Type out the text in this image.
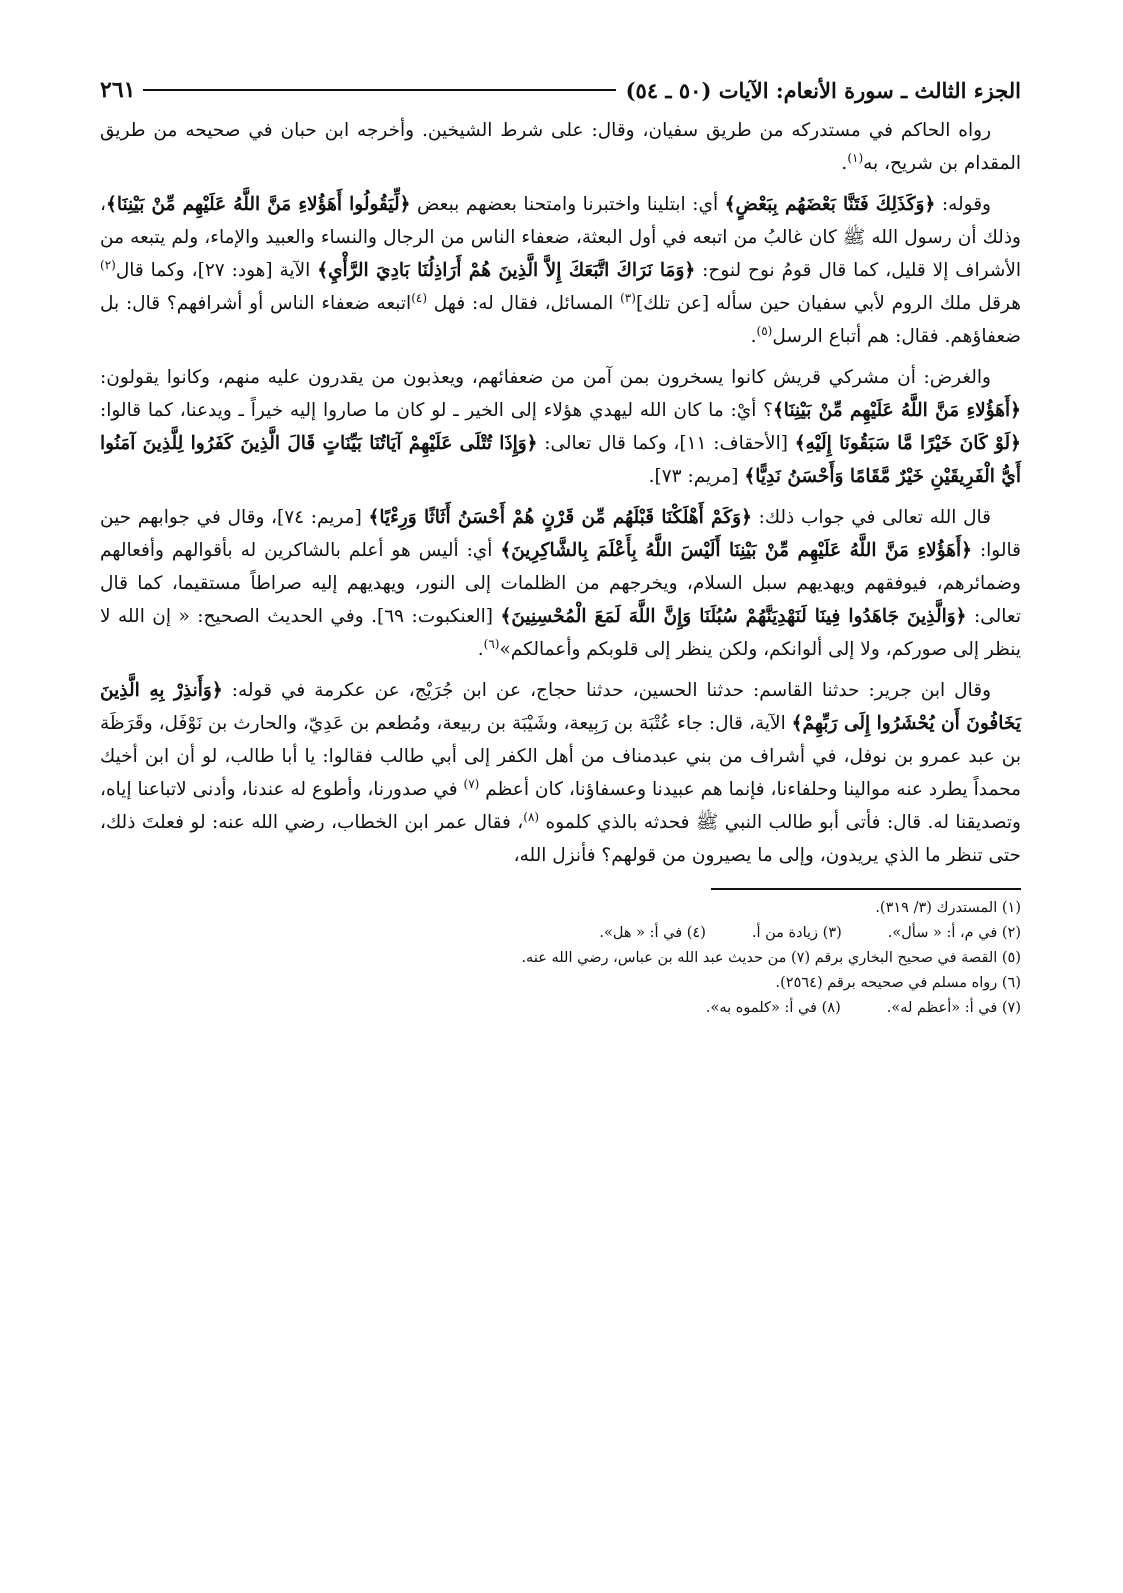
الجزء الثالث ـ سورة الأنعام: الآيات (٥٠ ـ ٥٤)
٢٦١

رواه الحاكم في مستدركه من طريق سفيان، وقال: على شرط الشيخين. وأخرجه ابن حبان في صحيحه من طريق المقدام بن شريح، به$^{(١)}$.

وقوله: ﴿وَكَذَلِكَ فَتَنَّا بَعْضَهُم بِبَعْضٍ﴾ أي: ابتلينا واختبرنا وامتحنا بعضهم ببعض ﴿لِّيَقُولُوا أَهَؤُلاءِ مَنَّ اللَّهُ عَلَيْهِم مِّنْ بَيْنِنَا﴾، وذلك أن رسول الله ﷺ كان غالبُ من اتبعه في أول البعثة، ضعفاء الناس من الرجال والنساء والعبيد والإماء، ولم يتبعه من الأشراف إلا قليل، كما قال قومُ نوح لنوح: ﴿وَمَا نَرَاكَ اتَّبَعَكَ إِلاَّ الَّذِينَ هُمْ أَرَاذِلُنَا بَادِيَ الرَّأْيِ﴾ الآية [هود: ٢٧]، وكما قال$^{(٢)}$ هرقل ملك الروم لأبي سفيان حين سأله [عن تلك]$^{(٣)}$ المسائل، فقال له: فهل $^{(٤)}$اتبعه ضعفاء الناس أو أشرافهم؟ قال: بل ضعفاؤهم. فقال: هم أتباع الرسل$^{(٥)}$.

والغرض: أن مشركي قريش كانوا يسخرون بمن آمن من ضعفائهم، ويعذبون من يقدرون عليه منهم، وكانوا يقولون: ﴿أَهَؤُلاءِ مَنَّ اللَّهُ عَلَيْهِم مِّنْ بَيْنِنَا﴾؟ أيْ: ما كان الله ليهدي هؤلاء إلى الخير ـ لو كان ما صاروا إليه خيراً ـ ويدعنا، كما قالوا: ﴿لَوْ كَانَ خَيْرًا مَّا سَبَقُونَا إِلَيْهِ﴾ [الأحقاف: ١١]، وكما قال تعالى: ﴿وَإِذَا تُتْلَى عَلَيْهِمْ آيَاتُنَا بَيِّنَاتٍ قَالَ الَّذِينَ كَفَرُوا لِلَّذِينَ آمَنُوا أَيُّ الْفَرِيقَيْنِ خَيْرٌ مَّقَامًا وَأَحْسَنُ نَدِيًّا﴾ [مريم: ٧٣].

قال الله تعالى في جواب ذلك: ﴿وَكَمْ أَهْلَكْنَا قَبْلَهُم مِّن قَرْنٍ هُمْ أَحْسَنُ أَثَاثًا وَرِءْيًا﴾ [مريم: ٧٤]، وقال في جوابهم حين قالوا: ﴿أَهَؤُلاءِ مَنَّ اللَّهُ عَلَيْهِم مِّنْ بَيْنِنَا أَلَيْسَ اللَّهُ بِأَعْلَمَ بِالشَّاكِرِينَ﴾ أي: أليس هو أعلم بالشاكرين له بأقوالهم وأفعالهم وضمائرهم، فيوفقهم ويهديهم سبل السلام، ويخرجهم من الظلمات إلى النور، ويهديهم إليه صراطاً مستقيما، كما قال تعالى: ﴿وَالَّذِينَ جَاهَدُوا فِينَا لَنَهْدِيَنَّهُمْ سُبُلَنَا وَإِنَّ اللَّهَ لَمَعَ الْمُحْسِنِينَ﴾ [العنكبوت: ٦٩]. وفي الحديث الصحيح: « إن الله لا ينظر إلى صوركم، ولا إلى ألوانكم، ولكن ينظر إلى قلوبكم وأعمالكم»$^{(٦)}$.

وقال ابن جرير: حدثنا القاسم: حدثنا الحسين، حدثنا حجاج، عن ابن جُرَيْج، عن عكرمة في قوله: ﴿وَأَنذِرْ بِهِ الَّذِينَ يَخَافُونَ أَن يُحْشَرُوا إِلَى رَبِّهِمْ﴾ الآية، قال: جاء عُتْبَة بن رَبِيعة، وشَيْبَة بن ربيعة، ومُطعم بن عَدِيّ، والحارث بن نَوْفَل، وقَرَظَة بن عبد عمرو بن نوفل، في أشراف من بني عبدمناف من أهل الكفر إلى أبي طالب فقالوا: يا أبا طالب، لو أن ابن أخيك محمداً يطرد عنه موالينا وحلفاءنا، فإنما هم عبيدنا وعسفاؤنا، كان أعظم $^{(٧)}$ في صدورنا، وأطوع له عندنا، وأدنى لاتباعنا إياه، وتصديقنا له. قال: فأتى أبو طالب النبي ﷺ فحدثه بالذي كلموه $^{(٨)}$، فقال عمر ابن الخطاب، رضي الله عنه: لو فعلتَ ذلك، حتى تنظر ما الذي يريدون، وإلى ما يصيرون من قولهم؟ فأنزل الله،

(١) المستدرك (٣/ ٣١٩).
(٢) في م، أ: « سأل».
(٣) زيادة من أ.
(٤) في أ: « هل».
(٥) القصة في صحيح البخاري برقم (٧) من حديث عبد الله بن عباس، رضي الله عنه.
(٦) رواه مسلم في صحيحه برقم (٢٥٦٤).
(٧) في أ: «أعظم له».
(٨) في أ: «كلموه به».
